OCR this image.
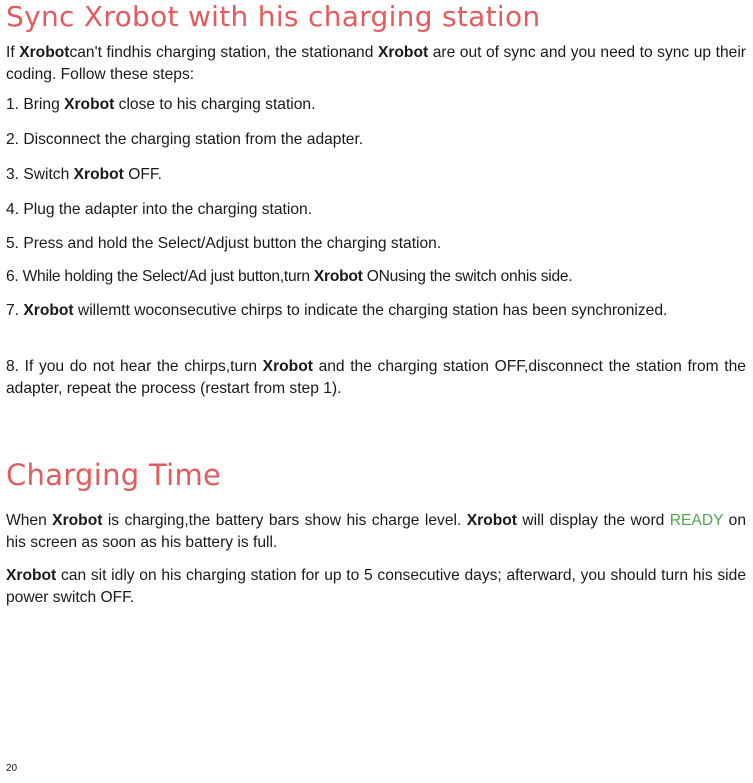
Sync Xrobot with his charging station

If Xrobotcan't findhis charging station, the stationand Xrobot are out of sync and you need to sync up their coding. Follow these steps:

1. Bring Xrobot close to his charging station.

2. Disconnect the charging station from the adapter.

3. Switch Xrobot OFF.

4. Plug the adapter into the charging station.

5. Press and hold the Select/Adjust button the charging station.

6. While holding the Select/Ad just button,turn Xrobot ONusing the switch onhis side.

7. Xrobot willemtt woconsecutive chirps to indicate the charging station has been synchronized.

8. If you do not hear the chirps,turn Xrobot and the charging station OFF,disconnect the station from the adapter, repeat the process (restart from step 1).

Charging Time

When Xrobot is charging,the battery bars show his charge level. Xrobot will display the word READY on his screen as soon as his battery is full.

Xrobot can sit idly on his charging station for up to 5 consecutive days; afterward, you should turn his side power switch OFF.

20
